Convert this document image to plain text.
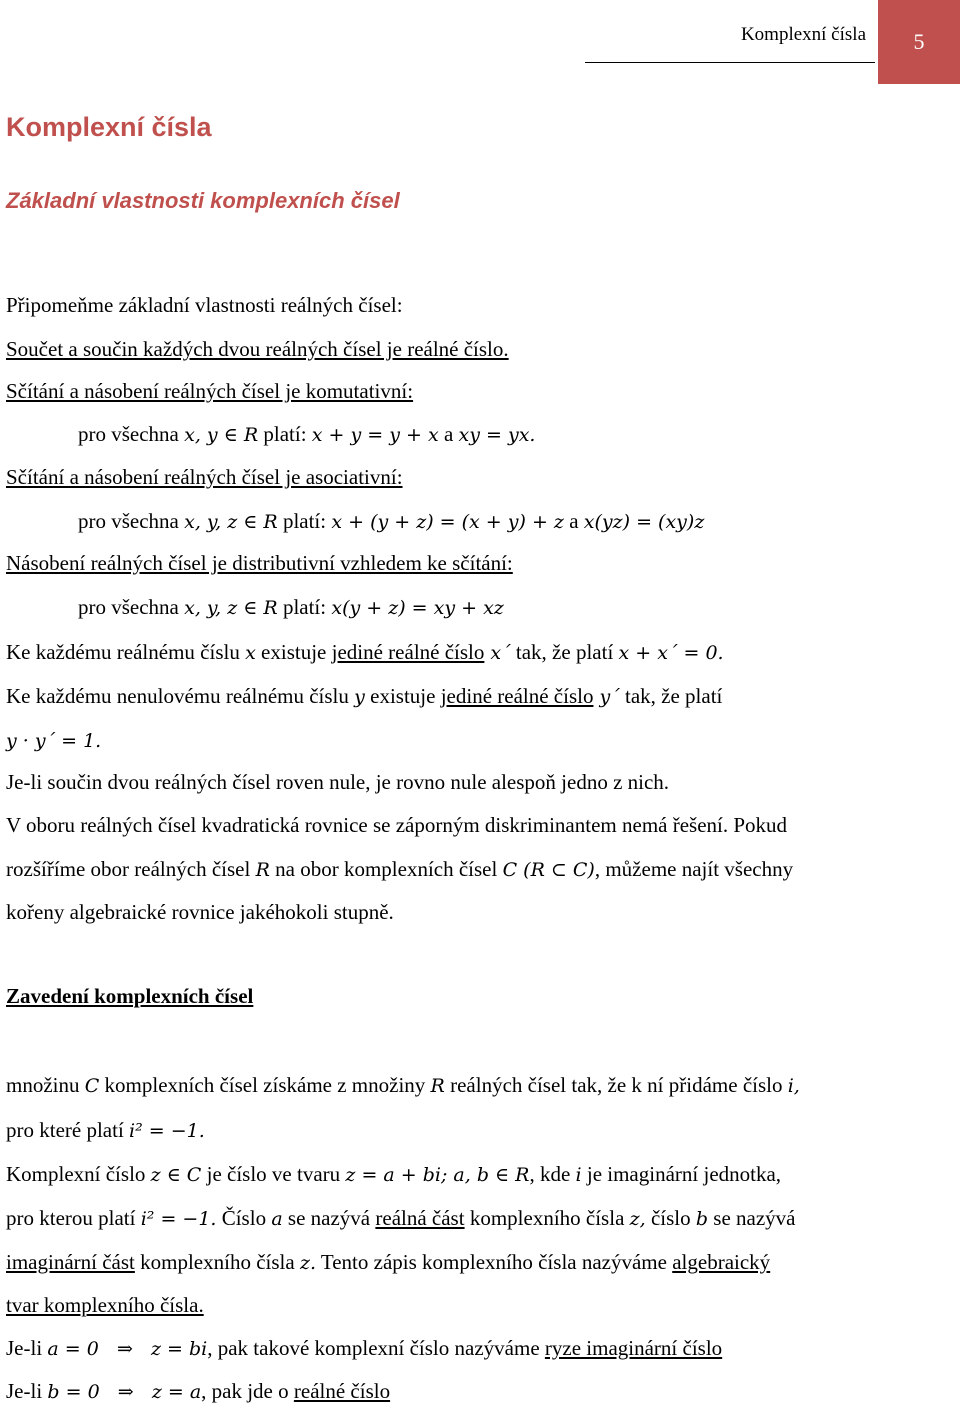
Komplexní čísla	5
Komplexní čísla
Základní vlastnosti komplexních čísel
Připomeňme základní vlastnosti reálných čísel:
Součet a součin každých dvou reálných čísel je reálné číslo.
Sčítání a násobení reálných čísel je komutativní:
pro všechna x, y ∈ R platí: x + y = y + x a xy = yx.
Sčítání a násobení reálných čísel je asociativní:
pro všechna x, y, z ∈ R platí: x + (y + z) = (x + y) + z a x(yz) = (xy)z
Násobení reálných čísel je distributivní vzhledem ke sčítání:
pro všechna x, y, z ∈ R platí: x(y + z) = xy + xz
Ke každému reálnému číslu x existuje jediné reálné číslo x´ tak, že platí x + x´ = 0.
Ke každému nenulovému reálnému číslu y existuje jediné reálné číslo y´ tak, že platí
y · y´ = 1.
Je-li součin dvou reálných čísel roven nule, je rovno nule alespoň jedno z nich.
V oboru reálných čísel kvadratická rovnice se záporným diskriminantem nemá řešení. Pokud
rozšíříme obor reálných čísel R na obor komplexních čísel C (R ⊂ C), můžeme najít všechny
kořeny algebraické rovnice jakéhokoli stupně.
Zavedení komplexních čísel
množinu C komplexních čísel získáme z množiny R reálných čísel tak, že k ní přidáme číslo i,
pro které platí i² = −1.
Komplexní číslo z ∈ C je číslo ve tvaru z = a + bi; a, b ∈ R, kde i je imaginární jednotka,
pro kterou platí i² = −1. Číslo a se nazývá reálná část komplexního čísla z, číslo b se nazývá
imaginární část komplexního čísla z. Tento zápis komplexního čísla nazýváme algebraický
tvar komplexního čísla.
Je-li a = 0   ⇒   z = bi, pak takové komplexní číslo nazýváme ryze imaginární číslo
Je-li b = 0   ⇒   z = a, pak jde o reálné číslo
